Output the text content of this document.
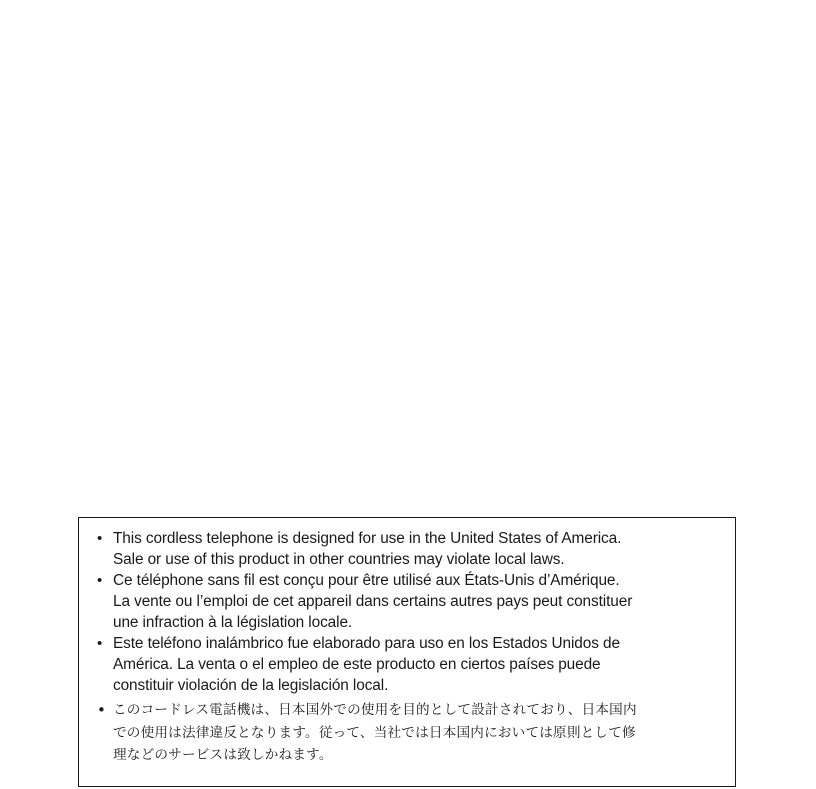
• This cordless telephone is designed for use in the United States of America.
Sale or use of this product in other countries may violate local laws.
• Ce téléphone sans fil est conçu pour être utilisé aux États-Unis d’Amérique.
La vente ou l’emploi de cet appareil dans certains autres pays peut constituer
une infraction à la législation locale.
• Este teléfono inalámbrico fue elaborado para uso en los Estados Unidos de
América. La venta o el empleo de este producto en ciertos países puede
constituir violación de la legislación local.
• このコードレス電話機は、日本国外での使用を目的として設計されており、日本国内
での使用は法律違反となります。従って、当社では日本国内においては原則として修
理などのサービスは致しかねます。
